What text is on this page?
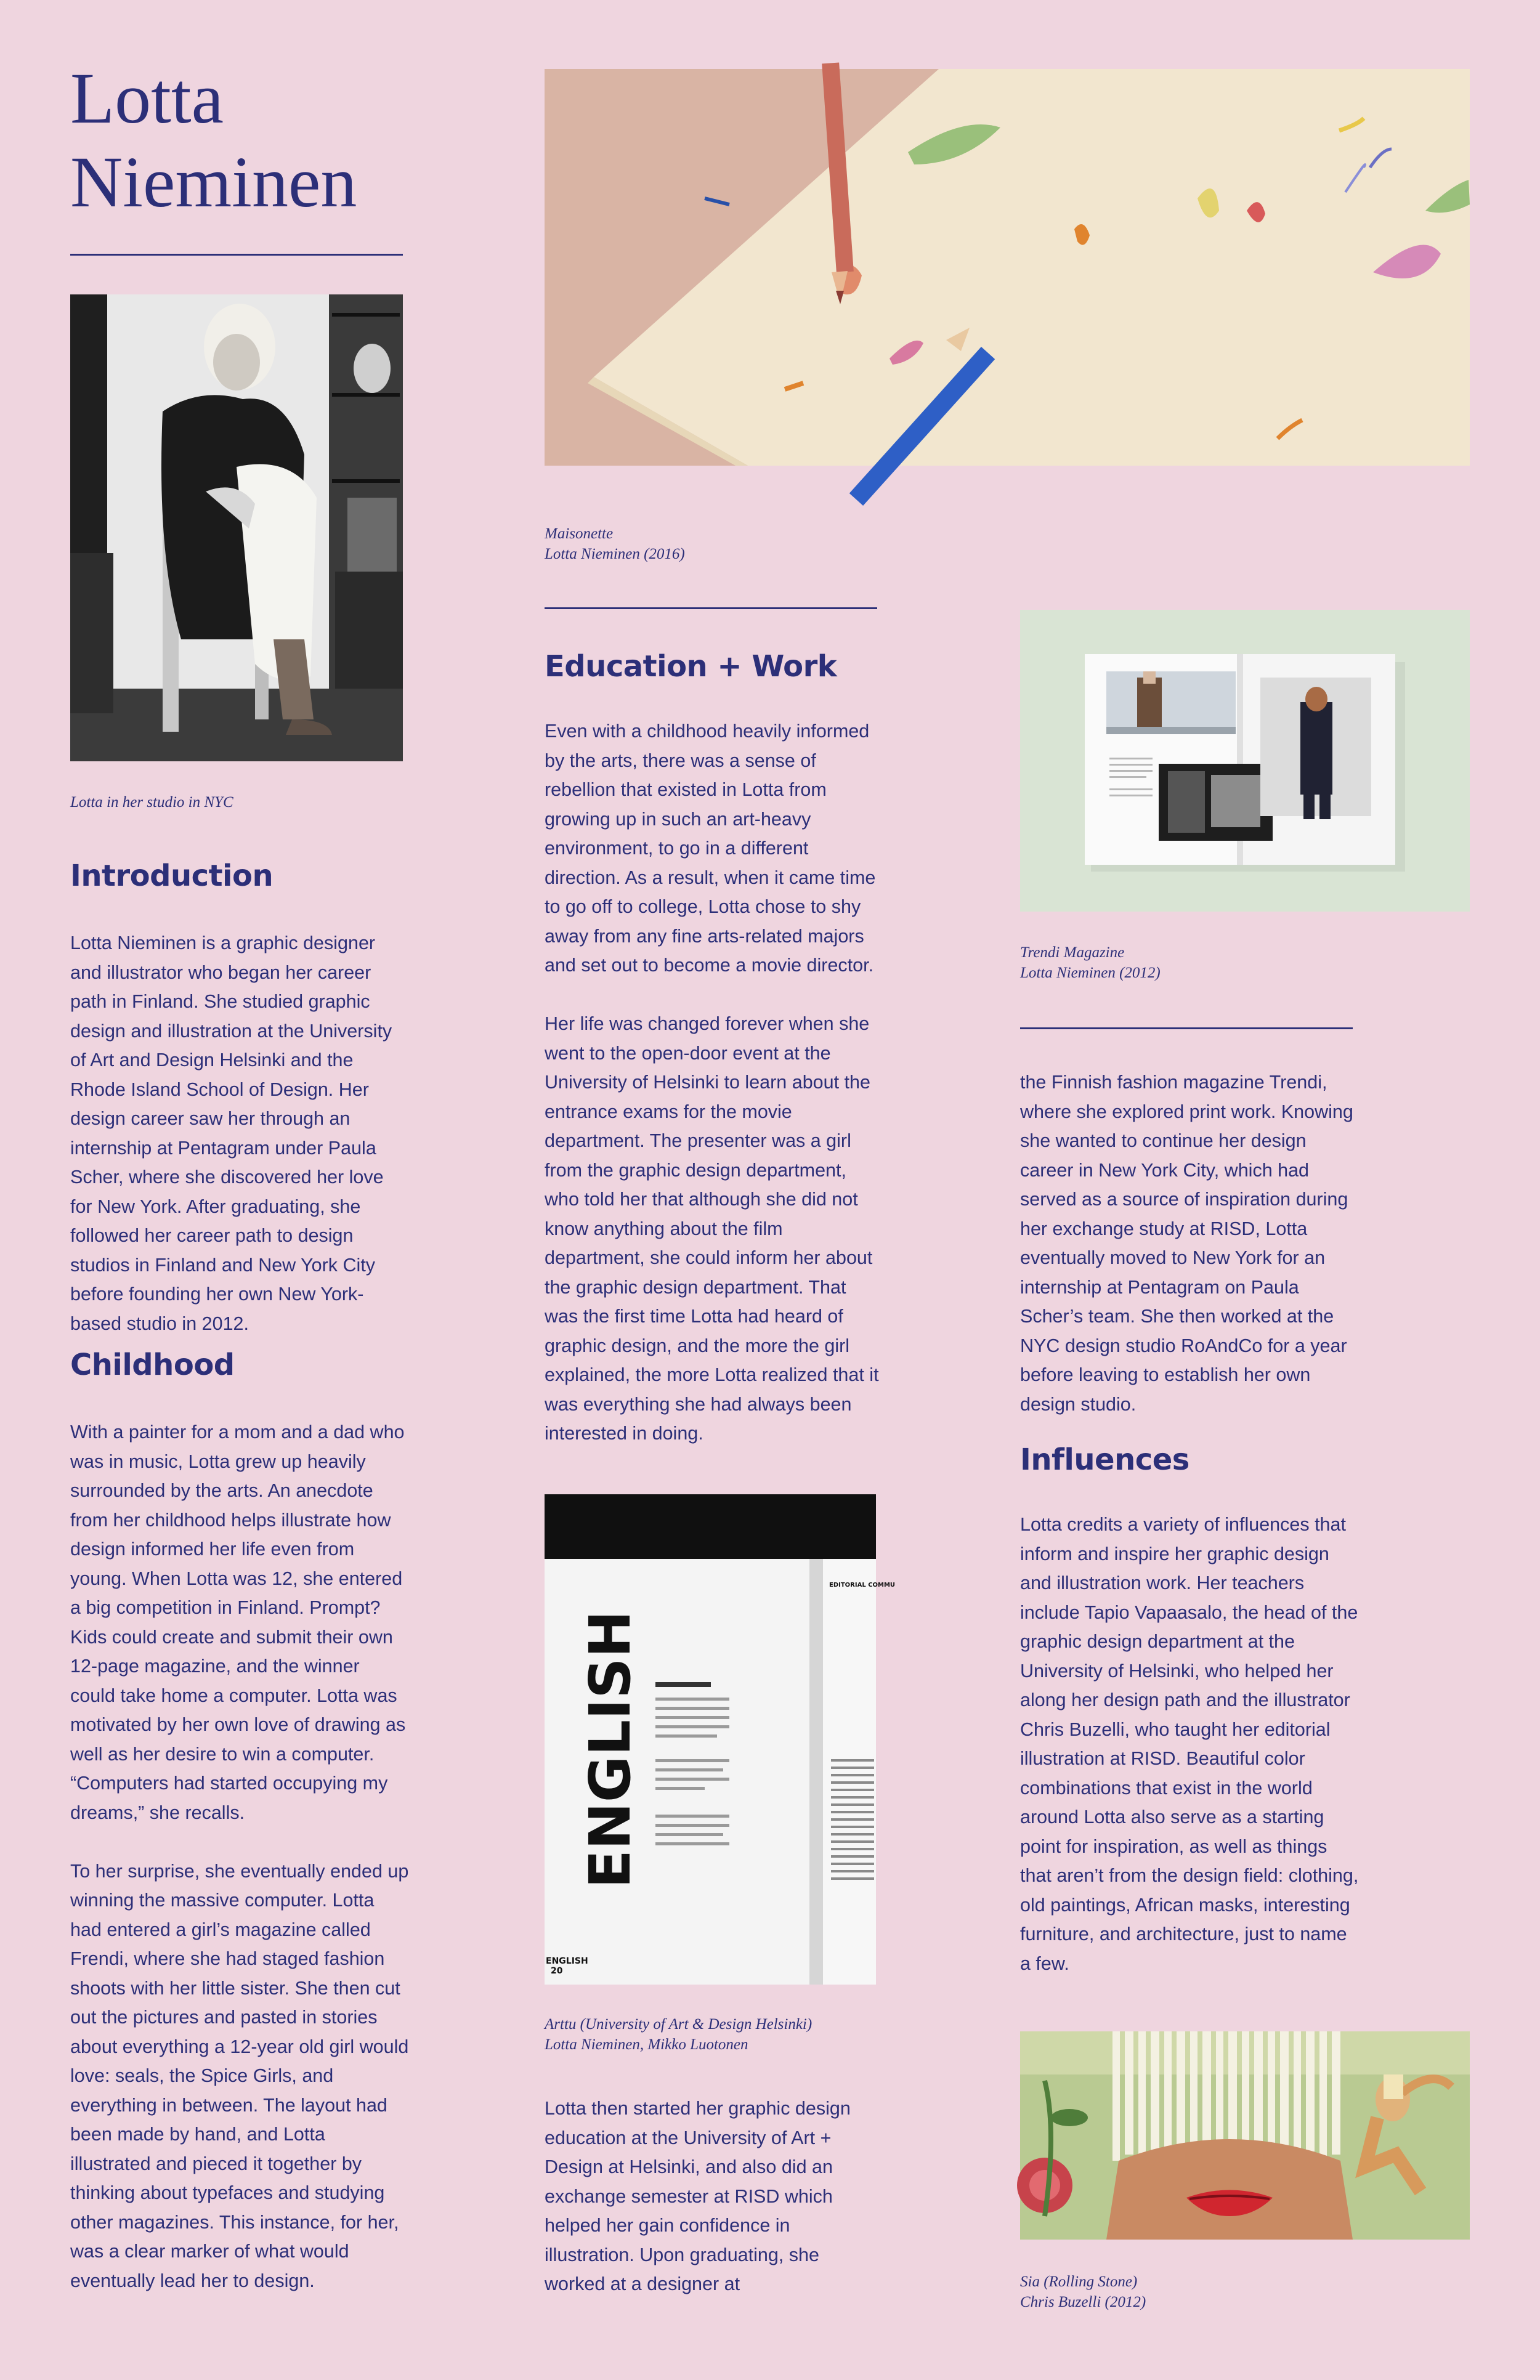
Lotta
Nieminen
Lotta in her studio in NYC
Introduction

Lotta Nieminen is a graphic designer and illustrator who began her career path in Finland. She studied graphic design and illustration at the University of Art and Design Helsinki and the Rhode Island School of Design. Her design career saw her through an internship at Pentagram under Paula Scher, where she discovered her love for New York. After graduating, she followed her career path to design studios in Finland and New York City before founding her own New York-based studio in 2012.

Childhood

With a painter for a mom and a dad who was in music, Lotta grew up heavily surrounded by the arts. An anecdote from her childhood helps illustrate how design informed her life even from young. When Lotta was 12, she entered a big competition in Finland. Prompt? Kids could create and submit their own 12-page magazine, and the winner could take home a computer. Lotta was motivated by her own love of drawing as well as her desire to win a computer. “Computers had started occupying my dreams,” she recalls.

To her surprise, she eventually ended up winning the massive computer. Lotta had entered a girl’s magazine called Frendi, where she had staged fashion shoots with her little sister. She then cut out the pictures and pasted in stories about everything a 12-year old girl would love: seals, the Spice Girls, and everything in between. The layout had been made by hand, and Lotta illustrated and pieced it together by thinking about typefaces and studying other magazines. This instance, for her, was a clear marker of what would eventually lead her to design.

Maisonette
Lotta Nieminen (2016)
Education + Work

Even with a childhood heavily informed by the arts, there was a sense of rebellion that existed in Lotta from growing up in such an art-heavy environment, to go in a different direction. As a result, when it came time to go off to college, Lotta chose to shy away from any fine arts-related majors and set out to become a movie director.

Her life was changed forever when she went to the open-door event at the University of Helsinki to learn about the entrance exams for the movie department. The presenter was a girl from the graphic design department, who told her that although she did not know anything about the film department, she could inform her about the graphic design department. That was the first time Lotta had heard of graphic design, and the more the girl explained, the more Lotta realized that it was everything she had always been interested in doing.

ENGLISH
EDITORIAL COMMU
ENGLISH
20
Arttu (University of Art & Design Helsinki)
Lotta Nieminen, Mikko Luotonen

Lotta then started her graphic design education at the University of Art + Design at Helsinki, and also did an exchange semester at RISD which helped her gain confidence in illustration. Upon graduating, she worked at a designer at

Trendi Magazine
Lotta Nieminen (2012)

the Finnish fashion magazine Trendi, where she explored print work. Knowing she wanted to continue her design career in New York City, which had served as a source of inspiration during her exchange study at RISD, Lotta eventually moved to New York for an internship at Pentagram on Paula Scher’s team. She then worked at the NYC design studio RoAndCo for a year before leaving to establish her own design studio.

Influences

Lotta credits a variety of influences that inform and inspire her graphic design and illustration work. Her teachers include Tapio Vapaasalo, the head of the graphic design department at the University of Helsinki, who helped her along her design path and the illustrator Chris Buzelli, who taught her editorial illustration at RISD. Beautiful color combinations that exist in the world around Lotta also serve as a starting point for inspiration, as well as things that aren’t from the design field: clothing, old paintings, African masks, interesting furniture, and architecture, just to name a few.

Sia (Rolling Stone)
Chris Buzelli (2012)
